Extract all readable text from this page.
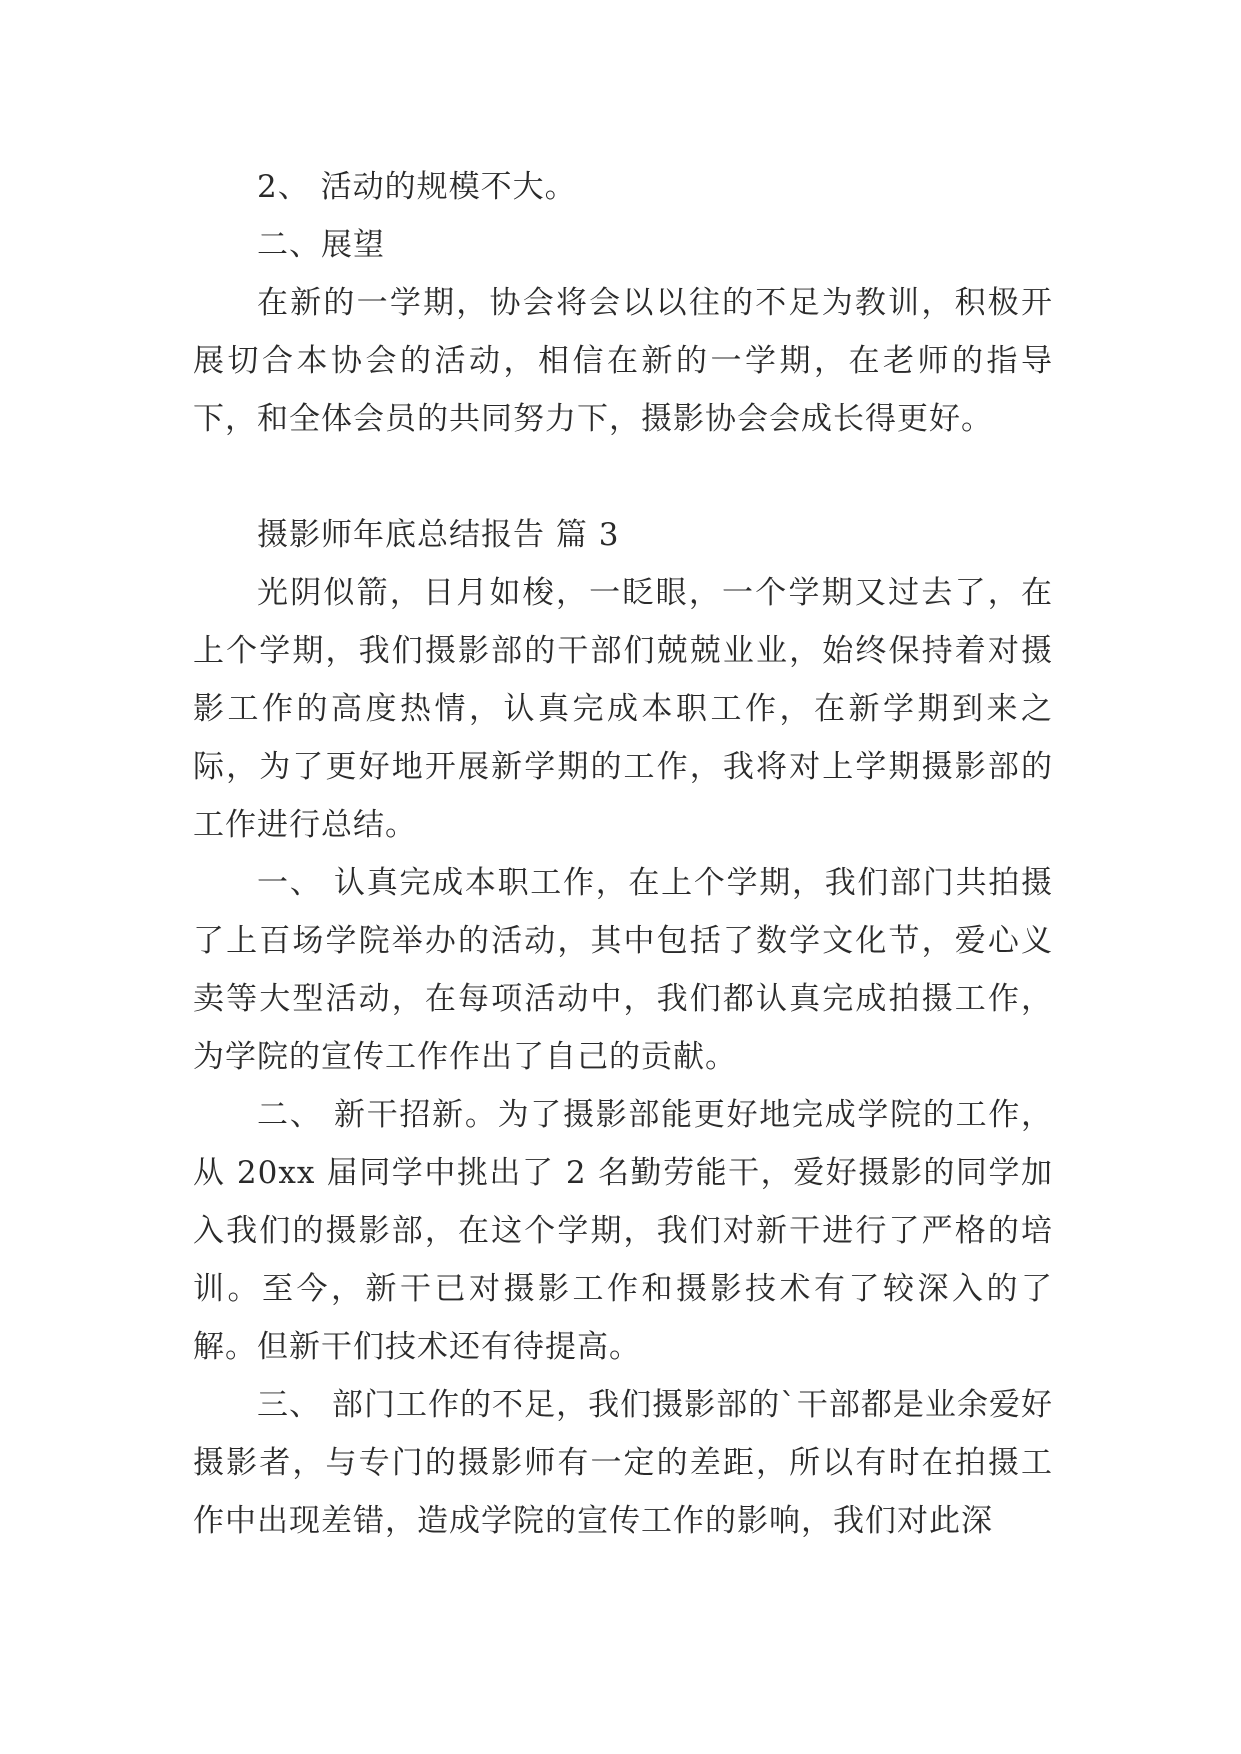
2、 活动的规模不大。

二、展望

在新的一学期，协会将会以以往的不足为教训，积极开展切合本协会的活动，相信在新的一学期，在老师的指导下，和全体会员的共同努力下，摄影协会会成长得更好。

摄影师年底总结报告 篇 3

光阴似箭，日月如梭，一眨眼，一个学期又过去了，在上个学期，我们摄影部的干部们兢兢业业，始终保持着对摄影工作的高度热情，认真完成本职工作，在新学期到来之际，为了更好地开展新学期的工作，我将对上学期摄影部的工作进行总结。

一、 认真完成本职工作，在上个学期，我们部门共拍摄了上百场学院举办的活动，其中包括了数学文化节，爱心义卖等大型活动，在每项活动中，我们都认真完成拍摄工作，为学院的宣传工作作出了自己的贡献。

二、 新干招新。为了摄影部能更好地完成学院的工作，从 20xx 届同学中挑出了 2 名勤劳能干，爱好摄影的同学加入我们的摄影部，在这个学期，我们对新干进行了严格的培训。至今，新干已对摄影工作和摄影技术有了较深入的了解。但新干们技术还有待提高。

三、 部门工作的不足，我们摄影部的`干部都是业余爱好摄影者，与专门的摄影师有一定的差距，所以有时在拍摄工作中出现差错，造成学院的宣传工作的影响，我们对此深
